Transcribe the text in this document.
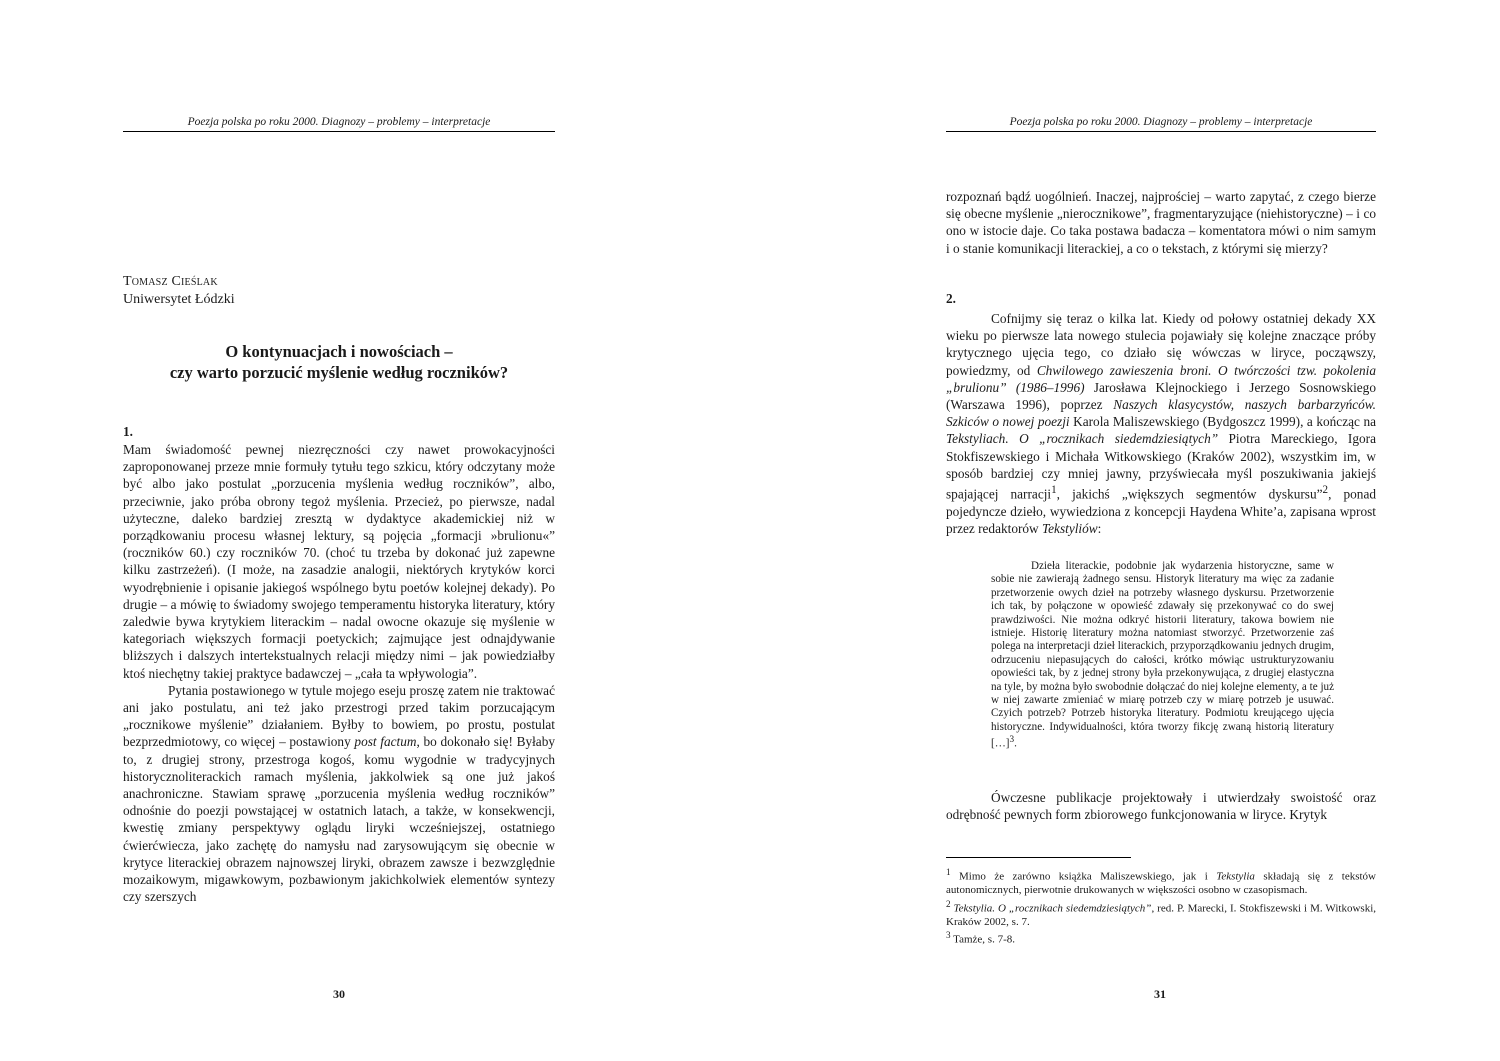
Poezja polska po roku 2000. Diagnozy – problemy – interpretacje
Tomasz Cieślak
Uniwersytet Łódzki
O kontynuacjach i nowościach –
czy warto porzucić myślenie według roczników?

1.

Mam świadomość pewnej niezręczności czy nawet prowokacyjności zaproponowanej przeze mnie formuły tytułu tego szkicu, który odczytany może być albo jako postulat „porzucenia myślenia według roczników”, albo, przeciwnie, jako próba obrony tegoż myślenia. Przecież, po pierwsze, nadal użyteczne, daleko bardziej zresztą w dydaktyce akademickiej niż w porządkowaniu procesu własnej lektury, są pojęcia „formacji »brulionu«” (roczników 60.) czy roczników 70. (choć tu trzeba by dokonać już zapewne kilku zastrzeżeń). (I może, na zasadzie analogii, niektórych krytyków korci wyodrębnienie i opisanie jakiegoś wspólnego bytu poetów kolejnej dekady). Po drugie – a mówię to świadomy swojego temperamentu historyka literatury, który zaledwie bywa krytykiem literackim – nadal owocne okazuje się myślenie w kategoriach większych formacji poetyckich; zajmujące jest odnajdywanie bliższych i dalszych intertekstualnych relacji między nimi – jak powiedziałby ktoś niechętny takiej praktyce badawczej – „cała ta wpływologia”.

Pytania postawionego w tytule mojego eseju proszę zatem nie traktować ani jako postulatu, ani też jako przestrogi przed takim porzucającym „rocznikowe myślenie” działaniem. Byłby to bowiem, po prostu, postulat bezprzedmiotowy, co więcej – postawiony post factum, bo dokonało się! Byłaby to, z drugiej strony, przestroga kogoś, komu wygodnie w tradycyjnych historycznoliterackich ramach myślenia, jakkolwiek są one już jakoś anachroniczne. Stawiam sprawę „porzucenia myślenia według roczników” odnośnie do poezji powstającej w ostatnich latach, a także, w konsekwencji, kwestię zmiany perspektywy oglądu liryki wcześniejszej, ostatniego ćwierćwiecza, jako zachętę do namysłu nad zarysowującym się obecnie w krytyce literackiej obrazem najnowszej liryki, obrazem zawsze i bezwzględnie mozaikowym, migawkowym, pozbawionym jakichkolwiek elementów syntezy czy szerszych

30
Poezja polska po roku 2000. Diagnozy – problemy – interpretacje

rozpoznań bądź uogólnień. Inaczej, najprościej – warto zapytać, z czego bierze się obecne myślenie „nierocznikowe”, fragmentaryzujące (niehistoryczne) – i co ono w istocie daje. Co taka postawa badacza – komentatora mówi o nim samym i o stanie komunikacji literackiej, a co o tekstach, z którymi się mierzy?

2.

Cofnijmy się teraz o kilka lat. Kiedy od połowy ostatniej dekady XX wieku po pierwsze lata nowego stulecia pojawiały się kolejne znaczące próby krytycznego ujęcia tego, co działo się wówczas w liryce, począwszy, powiedzmy, od Chwilowego zawieszenia broni. O twórczości tzw. pokolenia „brulionu” (1986–1996) Jarosława Klejnockiego i Jerzego Sosnowskiego (Warszawa 1996), poprzez Naszych klasycystów, naszych barbarzyńców. Szkiców o nowej poezji Karola Maliszewskiego (Bydgoszcz 1999), a kończąc na Tekstyliach. O „rocznikach siedemdziesiątych” Piotra Mareckiego, Igora Stokfiszewskiego i Michała Witkowskiego (Kraków 2002), wszystkim im, w sposób bardziej czy mniej jawny, przyświecała myśl poszukiwania jakiejś spajającej narracji$^1$, jakichś „większych segmentów dyskursu”$^2$, ponad pojedyncze dzieło, wywiedziona z koncepcji Haydena White’a, zapisana wprost przez redaktorów Tekstyliów:

Dzieła literackie, podobnie jak wydarzenia historyczne, same w sobie nie zawierają żadnego sensu. Historyk literatury ma więc za zadanie przetworzenie owych dzieł na potrzeby własnego dyskursu. Przetworzenie ich tak, by połączone w opowieść zdawały się przekonywać co do swej prawdziwości. Nie można odkryć historii literatury, takowa bowiem nie istnieje. Historię literatury można natomiast stworzyć. Przetworzenie zaś polega na interpretacji dzieł literackich, przyporządkowaniu jednych drugim, odrzuceniu niepasujących do całości, krótko mówiąc ustrukturyzowaniu opowieści tak, by z jednej strony była przekonywująca, z drugiej elastyczna na tyle, by można było swobodnie dołączać do niej kolejne elementy, a te już w niej zawarte zmieniać w miarę potrzeb czy w miarę potrzeb je usuwać. Czyich potrzeb? Potrzeb historyka literatury. Podmiotu kreującego ujęcia historyczne. Indywidualności, która tworzy fikcję zwaną historią literatury […]$^3$.

Ówczesne publikacje projektowały i utwierdzały swoistość oraz odrębność pewnych form zbiorowego funkcjonowania w liryce. Krytyk

$^1$ Mimo że zarówno książka Maliszewskiego, jak i Tekstylia składają się z tekstów autonomicznych, pierwotnie drukowanych w większości osobno w czasopismach.

$^2$ Tekstylia. O „rocznikach siedemdziesiątych”, red. P. Marecki, I. Stokfiszewski i M. Witkowski, Kraków 2002, s. 7.

$^3$ Tamże, s. 7-8.

31
